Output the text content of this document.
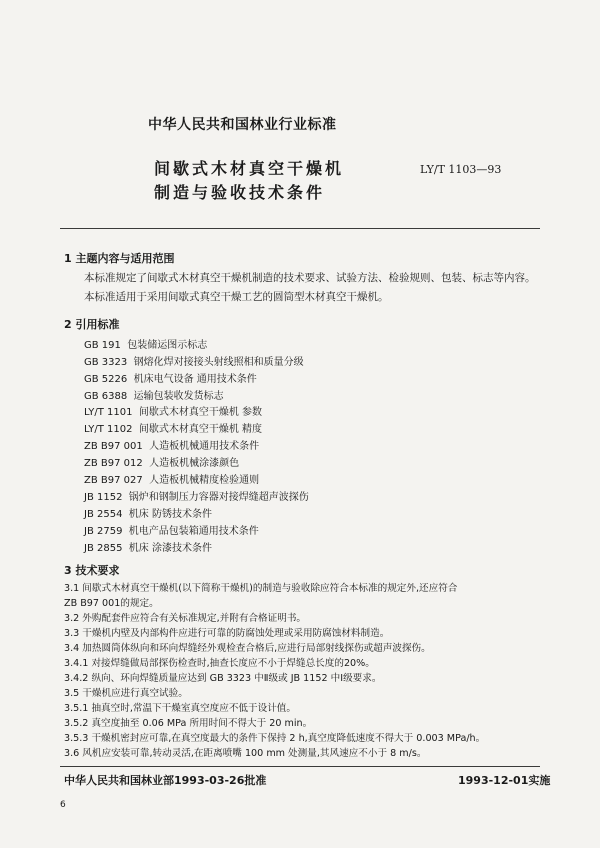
中华人民共和国林业行业标准
间歇式木材真空干燥机
制造与验收技术条件
LY/T 1103—93
1 主题内容与适用范围
本标准规定了间歇式木材真空干燥机制造的技术要求、试验方法、检验规则、包装、标志等内容。
本标准适用于采用间歇式真空干燥工艺的圆筒型木材真空干燥机。
2 引用标准
GB 191 包装储运图示标志
GB 3323 钢熔化焊对接接头射线照相和质量分级
GB 5226 机床电气设备 通用技术条件
GB 6388 运输包装收发货标志
LY/T 1101 间歇式木材真空干燥机 参数
LY/T 1102 间歇式木材真空干燥机 精度
ZB B97 001 人造板机械通用技术条件
ZB B97 012 人造板机械涂漆颜色
ZB B97 027 人造板机械精度检验通则
JB 1152 锅炉和钢制压力容器对接焊缝超声波探伤
JB 2554 机床 防锈技术条件
JB 2759 机电产品包装箱通用技术条件
JB 2855 机床 涂漆技术条件
3 技术要求
中华人民共和国林业部1993-03-26批准	1993-12-01实施
6
3.1 间歇式木材真空干燥机(以下简称干燥机)的制造与验收除应符合本标准的规定外,还应符合
ZB B97 001的规定。
3.2 外购配套件应符合有关标准规定,并附有合格证明书。
3.3 干燥机内壁及内部构件应进行可靠的防腐蚀处理或采用防腐蚀材料制造。
3.4 加热圆筒体纵向和环向焊缝经外观检查合格后,应进行局部射线探伤或超声波探伤。
3.4.1 对接焊缝做局部探伤检查时,抽查长度应不小于焊缝总长度的20%。
3.4.2 纵向、环向焊缝质量应达到 GB 3323 中Ⅱ级或 JB 1152 中Ⅰ级要求。
3.5 干燥机应进行真空试验。
3.5.1 抽真空时,常温下干燥室真空度应不低于设计值。
3.5.2 真空度抽至 0.06 MPa 所用时间不得大于 20 min。
3.5.3 干燥机密封应可靠,在真空度最大的条件下保持 2 h,真空度降低速度不得大于 0.003 MPa/h。
3.6 风机应安装可靠,转动灵活,在距离喷嘴 100 mm 处测量,其风速应不小于 8 m/s。
